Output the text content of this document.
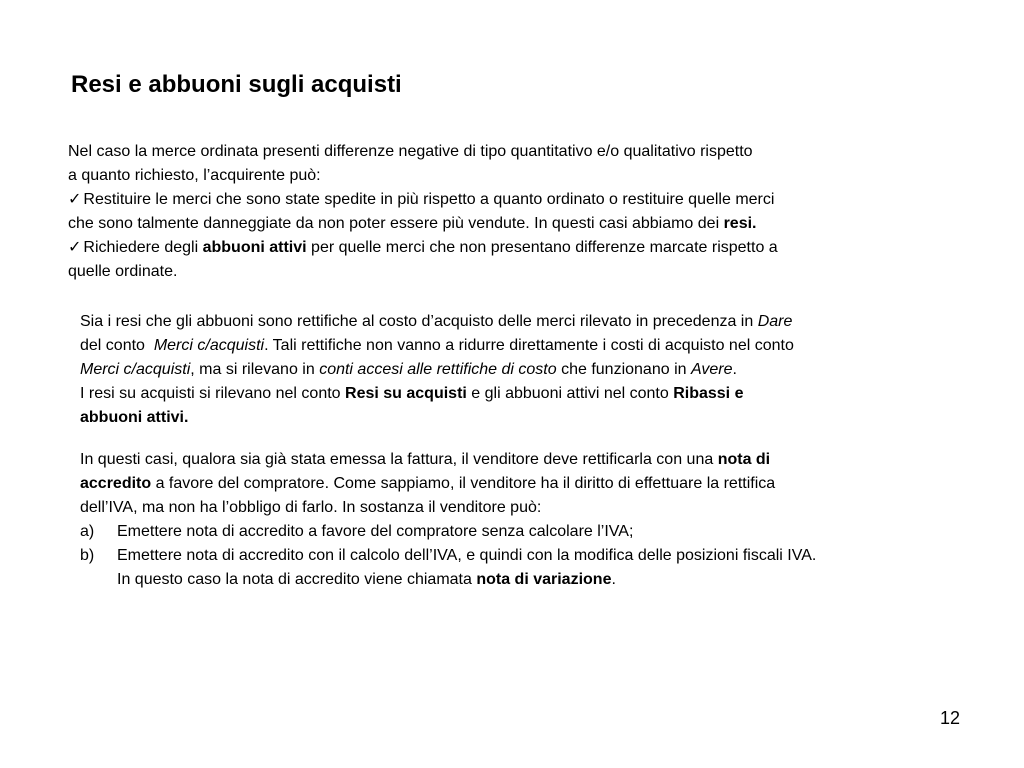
Resi e abbuoni sugli acquisti
Nel caso la merce ordinata presenti differenze negative di tipo quantitativo e/o qualitativo rispetto
a quanto richiesto, l’acquirente può:
✓ Restituire le merci che sono state spedite in più rispetto a quanto ordinato o restituire quelle merci
che sono talmente danneggiate da non poter essere più vendute. In questi casi abbiamo dei resi.
✓ Richiedere degli abbuoni attivi per quelle merci che non presentano differenze marcate rispetto a
quelle ordinate.
Sia i resi che gli abbuoni sono rettifiche al costo d’acquisto delle merci rilevato in precedenza in Dare
del conto  Merci c/acquisti. Tali rettifiche non vanno a ridurre direttamente i costi di acquisto nel conto
Merci c/acquisti, ma si rilevano in conti accesi alle rettifiche di costo che funzionano in Avere.
I resi su acquisti si rilevano nel conto Resi su acquisti e gli abbuoni attivi nel conto Ribassi e
abbuoni attivi.
In questi casi, qualora sia già stata emessa la fattura, il venditore deve rettificarla con una nota di
accredito a favore del compratore. Come sappiamo, il venditore ha il diritto di effettuare la rettifica
dell’IVA, ma non ha l’obbligo di farlo. In sostanza il venditore può:
a)	Emettere nota di accredito a favore del compratore senza calcolare l’IVA;
b)	Emettere nota di accredito con il calcolo dell’IVA, e quindi con la modifica delle posizioni fiscali IVA.
In questo caso la nota di accredito viene chiamata nota di variazione.
12
